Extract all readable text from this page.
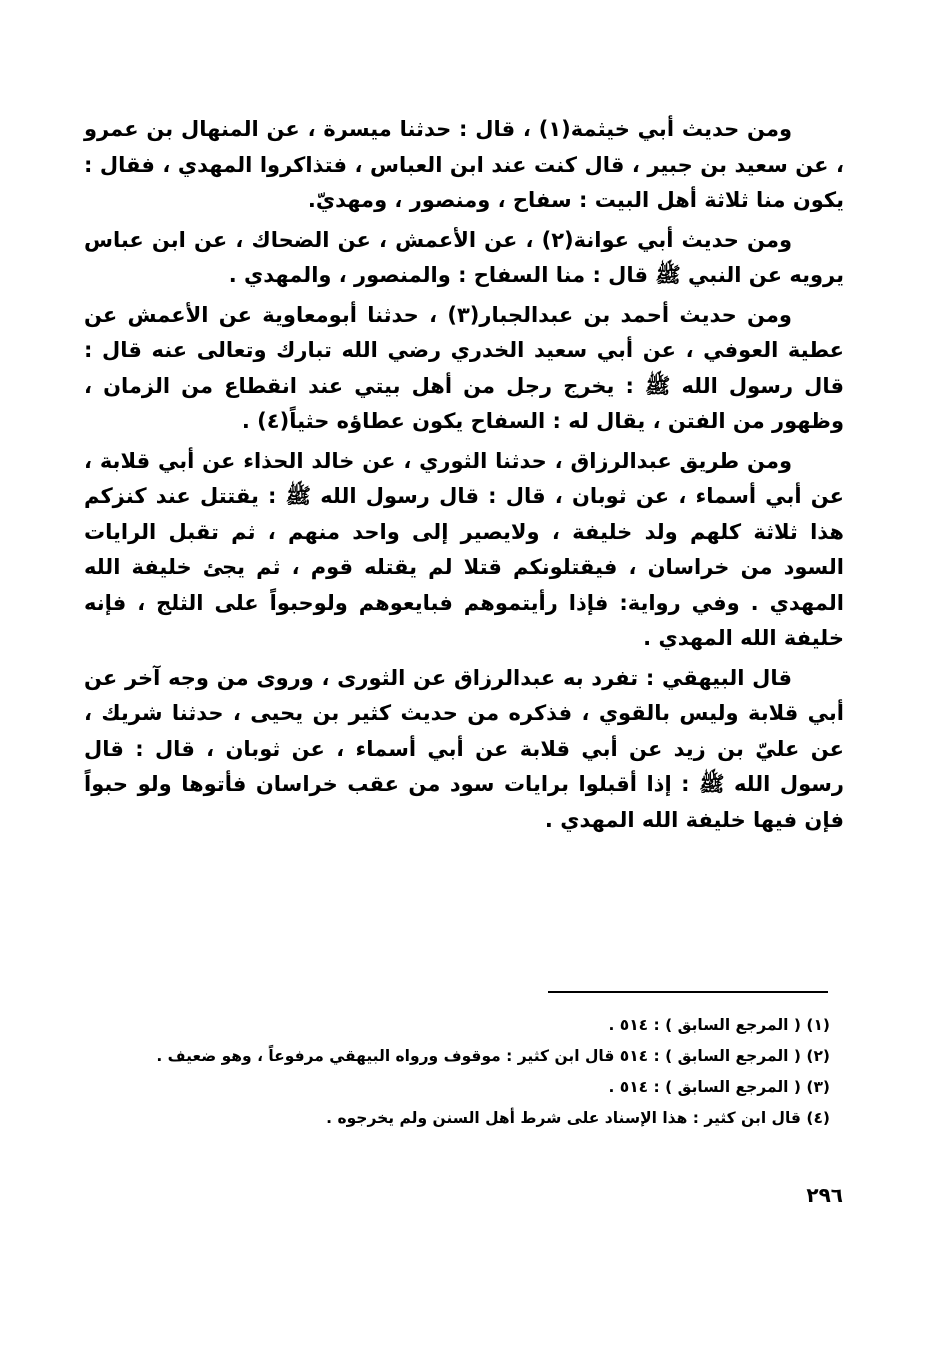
ومن حديث أبي خيثمة(١) ، قال : حدثنا ميسرة ، عن المنهال بن عمرو ، عن سعيد بن جبير ، قال كنت عند ابن العباس ، فتذاكروا المهدي ، فقال : يكون منا ثلاثة أهل البيت : سفاح ، ومنصور ، ومهديّ.

ومن حديث أبي عوانة(٢) ، عن الأعمش ، عن الضحاك ، عن ابن عباس يرويه عن النبي ﷺ قال : منا السفاح : والمنصور ، والمهدي .

ومن حديث أحمد بن عبدالجبار(٣) ، حدثنا أبومعاوية عن الأعمش عن عطية العوفي ، عن أبي سعيد الخدري رضي الله تبارك وتعالى عنه قال : قال رسول الله ﷺ : يخرج رجل من أهل بيتي عند انقطاع من الزمان ، وظهور من الفتن ، يقال له : السفاح يكون عطاؤه حثياً(٤) .

ومن طريق عبدالرزاق ، حدثنا الثوري ، عن خالد الحذاء عن أبي قلابة ، عن أبي أسماء ، عن ثوبان ، قال : قال رسول الله ﷺ : يقتتل عند كنزكم هذا ثلاثة كلهم ولد خليفة ، ولايصير إلى واحد منهم ، ثم تقبل الرايات السود من خراسان ، فيقتلونكم قتلا لم يقتله قوم ، ثم يجئ خليفة الله المهدي . وفي رواية: فإذا رأيتموهم فبايعوهم ولوحبواً على الثلج ، فإنه خليفة الله المهدي .

قال البيهقي : تفرد به عبدالرزاق عن الثورى ، وروى من وجه آخر عن أبي قلابة وليس بالقوي ، فذكره من حديث كثير بن يحيى ، حدثنا شريك ، عن عليّ بن زيد عن أبي قلابة عن أبي أسماء ، عن ثوبان ، قال : قال رسول الله ﷺ : إذا أقبلوا برايات سود من عقب خراسان فأتوها ولو حبواً فإن فيها خليفة الله المهدي .

(١) ( المرجع السابق ) : ٥١٤ .
(٢) ( المرجع السابق ) : ٥١٤ قال ابن كثير : موقوف ورواه البيهقي مرفوعاً ، وهو ضعيف .
(٣) ( المرجع السابق ) : ٥١٤ .
(٤) قال ابن كثير : هذا الإسناد على شرط أهل السنن ولم يخرجوه .
٢٩٦
